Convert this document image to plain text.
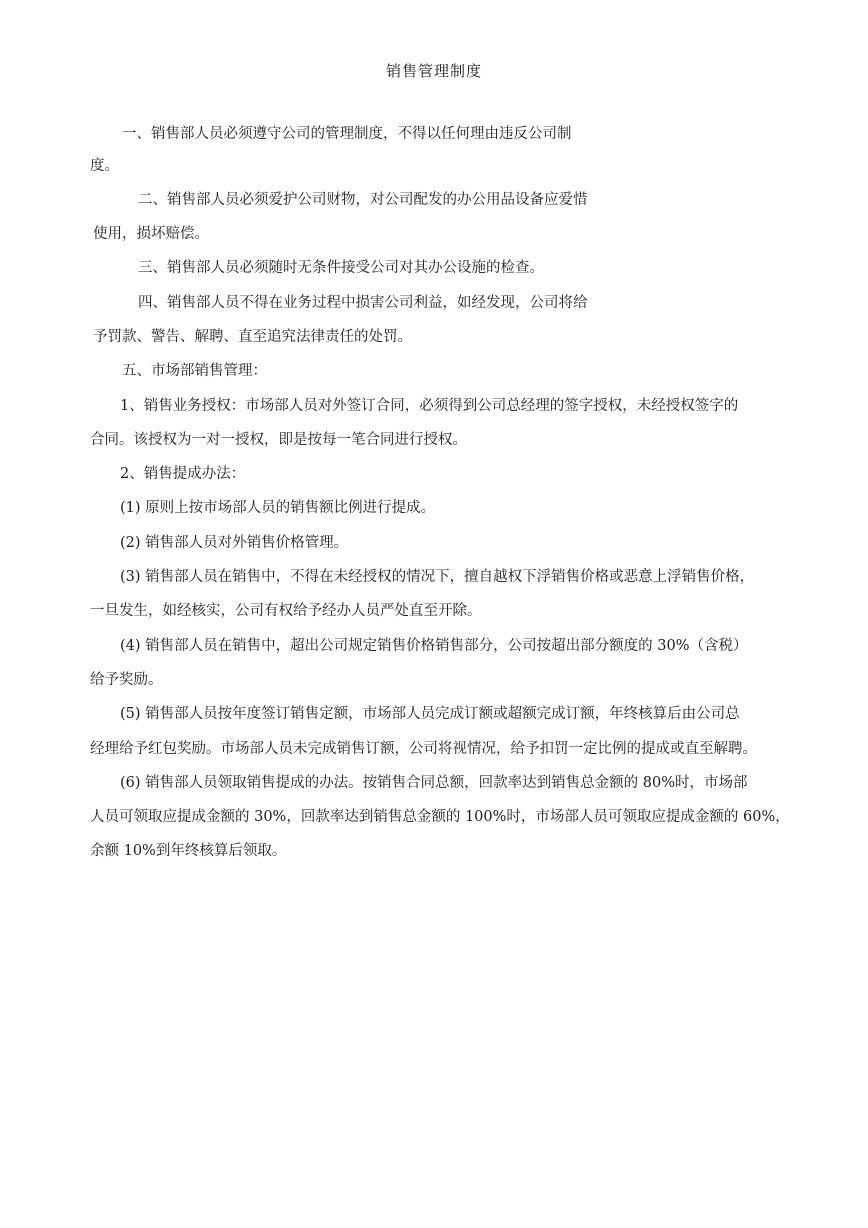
销售管理制度
一、销售部人员必须遵守公司的管理制度，不得以任何理由违反公司制
度。
二、销售部人员必须爱护公司财物，对公司配发的办公用品设备应爱惜
使用，损坏赔偿。
三、销售部人员必须随时无条件接受公司对其办公设施的检查。
四、销售部人员不得在业务过程中损害公司利益，如经发现，公司将给
予罚款、警告、解聘、直至追究法律责任的处罚。
五、市场部销售管理：
1、销售业务授权：市场部人员对外签订合同，必须得到公司总经理的签字授权，未经授权签字的
合同。该授权为一对一授权，即是按每一笔合同进行授权。
2、销售提成办法：
(1) 原则上按市场部人员的销售额比例进行提成。
(2) 销售部人员对外销售价格管理。
(3) 销售部人员在销售中，不得在未经授权的情况下，擅自越权下浮销售价格或恶意上浮销售价格，
一旦发生，如经核实，公司有权给予经办人员严处直至开除。
(4) 销售部人员在销售中，超出公司规定销售价格销售部分，公司按超出部分额度的 30%（含税）
给予奖励。
(5) 销售部人员按年度签订销售定额，市场部人员完成订额或超额完成订额，年终核算后由公司总
经理给予红包奖励。市场部人员未完成销售订额，公司将视情况，给予扣罚一定比例的提成或直至解聘。
(6) 销售部人员领取销售提成的办法。按销售合同总额，回款率达到销售总金额的 80%时，市场部
人员可领取应提成金额的 30%，回款率达到销售总金额的 100%时，市场部人员可领取应提成金额的 60%，
余额 10%到年终核算后领取。
